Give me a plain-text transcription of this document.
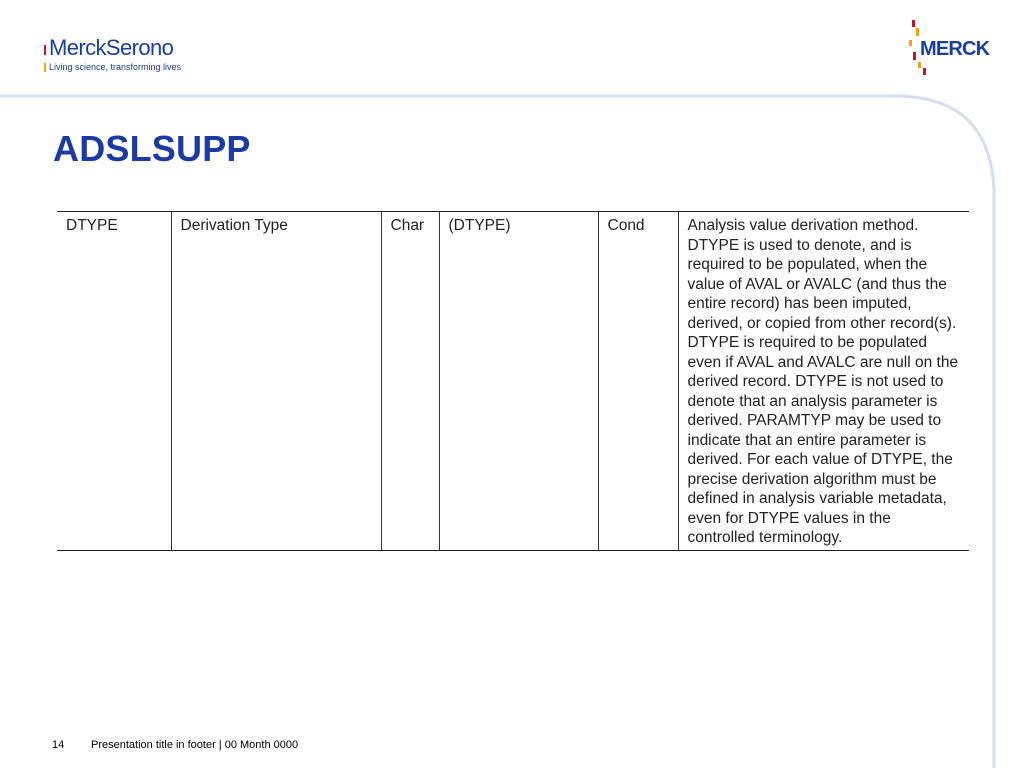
MerckSerono
Living science, transforming lives
MERCK
ADSLSUPP
DTYPE	Derivation Type	Char	(DTYPE)	Cond	Analysis value derivation method. DTYPE is used to denote, and is required to be populated, when the value of AVAL or AVALC (and thus the entire record) has been imputed, derived, or copied from other record(s). DTYPE is required to be populated even if AVAL and AVALC are null on the derived record. DTYPE is not used to denote that an analysis parameter is derived. PARAMTYP may be used to indicate that an entire parameter is derived. For each value of DTYPE, the precise derivation algorithm must be defined in analysis variable metadata, even for DTYPE values in the controlled terminology.
14 Presentation title in footer | 00 Month 0000
